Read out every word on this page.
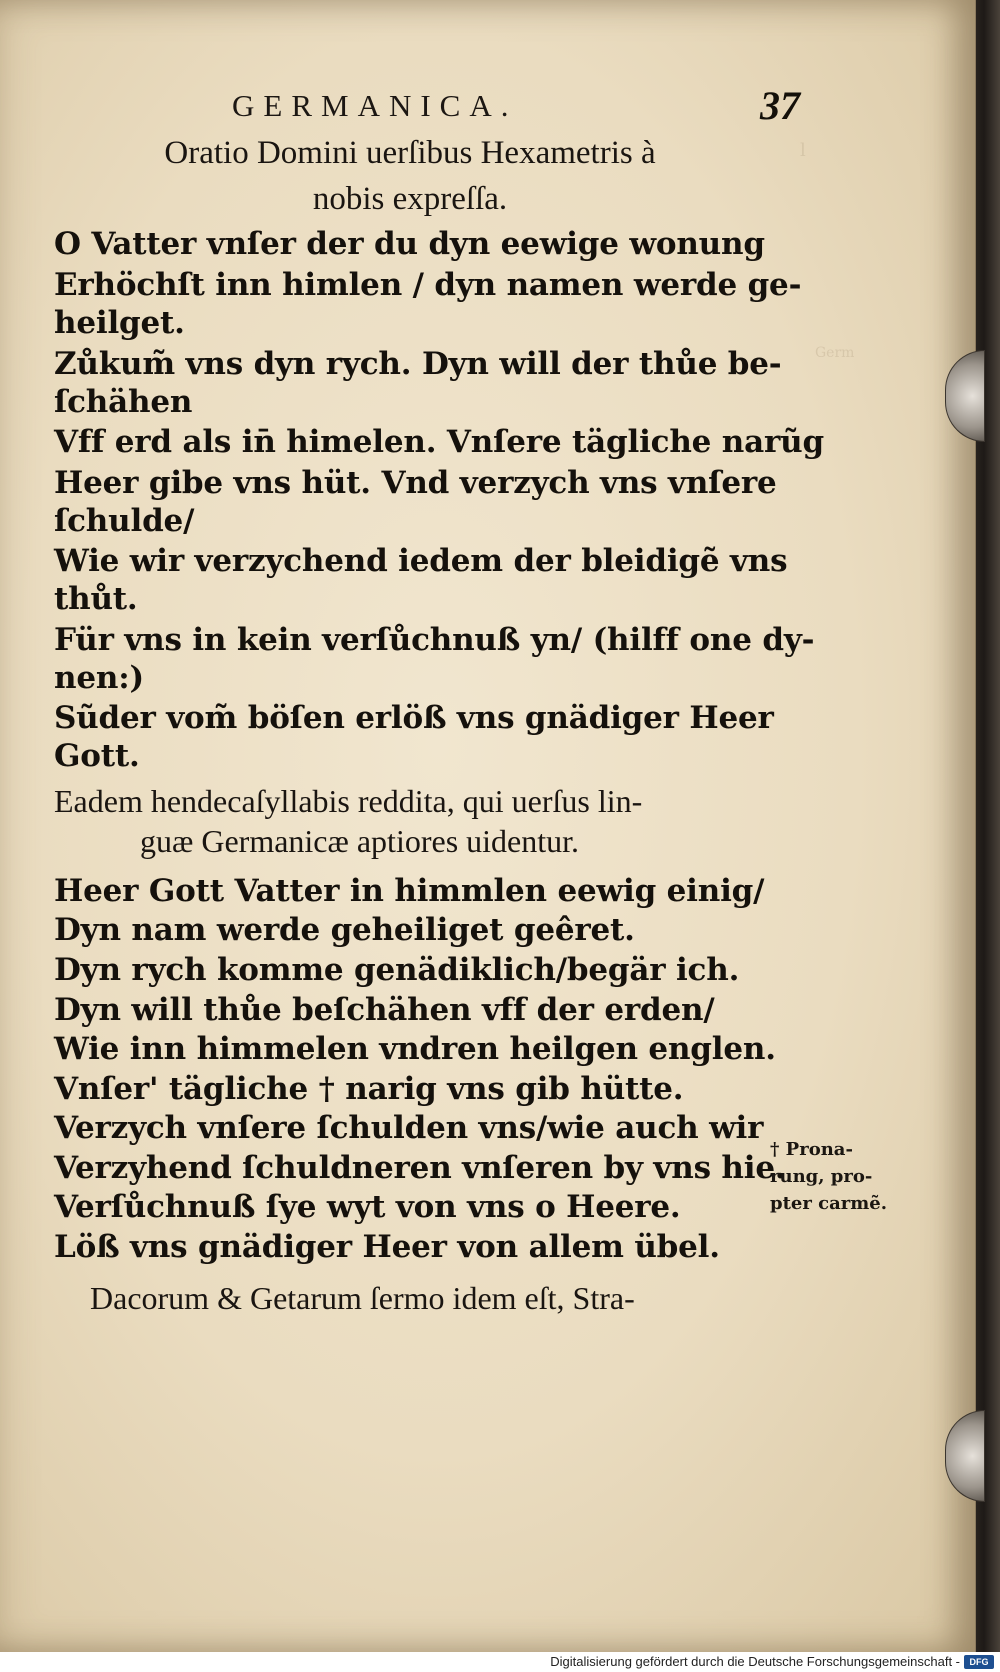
l
Germ
GERMANICA.	37
Oratio Domini uerſibus Hexametris à
nobis expreſſa.
O Vatter vnſer der du dyn eewige wonung
Erhöchſt inn himlen / dyn namen werde ge-
heilget.
Zůkum̃ vns dyn rych. Dyn will der thůe be-
ſchähen
Vff erd als in̄ himelen. Vnſere tägliche narũg
Heer gibe vns hüt. Vnd verzych vns vnſere
ſchulde/
Wie wir verzychend iedem der bleidigẽ vns
thůt.
Für vns in kein verſůchnuß yn/ (hilff one dy-
nen:)
Sũder vom̃ böſen erlöß vns gnädiger Heer
Gott.
Eadem hendecaſyllabis reddita, qui uerſus lin-
guæ Germanicæ aptiores uidentur.
Heer Gott Vatter in himmlen eewig einig/
Dyn nam werde geheiliget geêret.
Dyn rych komme genädiklich/begär ich.
Dyn will thůe beſchähen vff der erden/
Wie inn himmelen vndren heilgen englen.
Vnſer' tägliche † narig vns gib hütte.
Verzych vnſere ſchulden vns/wie auch wir
Verzyhend ſchuldneren vnſeren by vns hie.
Verſůchnuß ſye wyt von vns o Heere.
Löß vns gnädiger Heer von allem übel.
Dacorum & Getarum ſermo idem eſt, Stra-
† Prona-
rung, pro-
pter carmẽ.
Digitalisierung gefördert durch die Deutsche Forschungsgemeinschaft -	DFG
